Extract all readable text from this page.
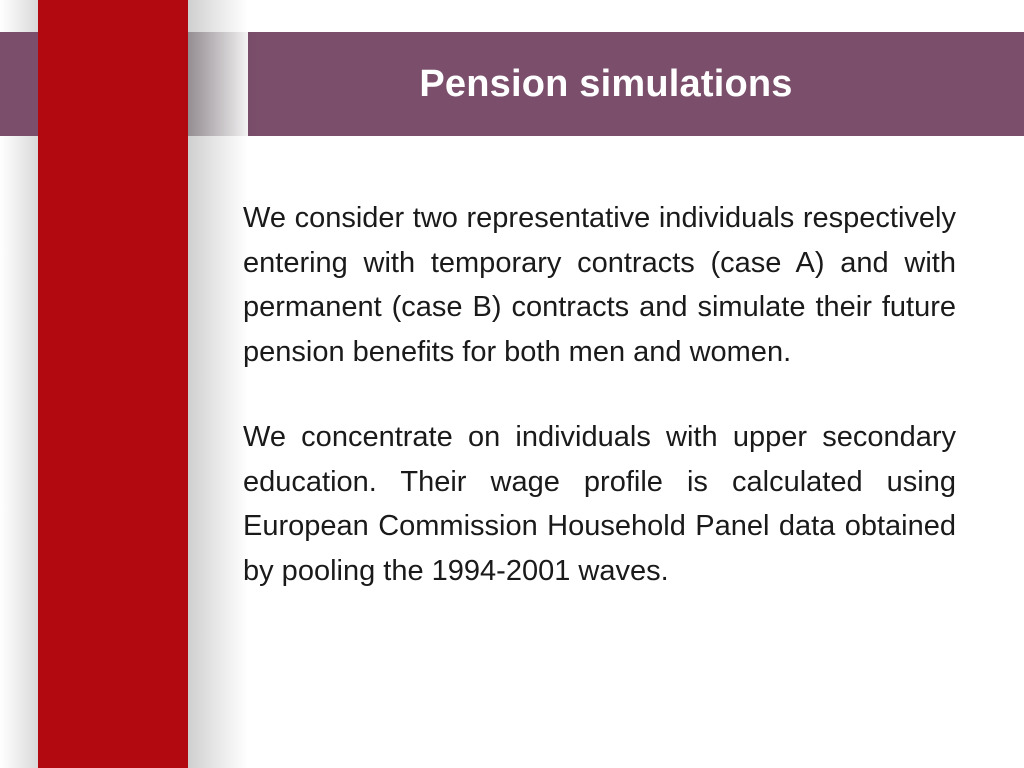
Pension simulations

We consider two representative individuals respectively entering with temporary contracts (case A) and with permanent (case B) contracts and simulate their future pension benefits for both men and women.

We concentrate on individuals with upper secondary education. Their wage profile is calculated using European Commission Household Panel data obtained by pooling the 1994-2001 waves.
